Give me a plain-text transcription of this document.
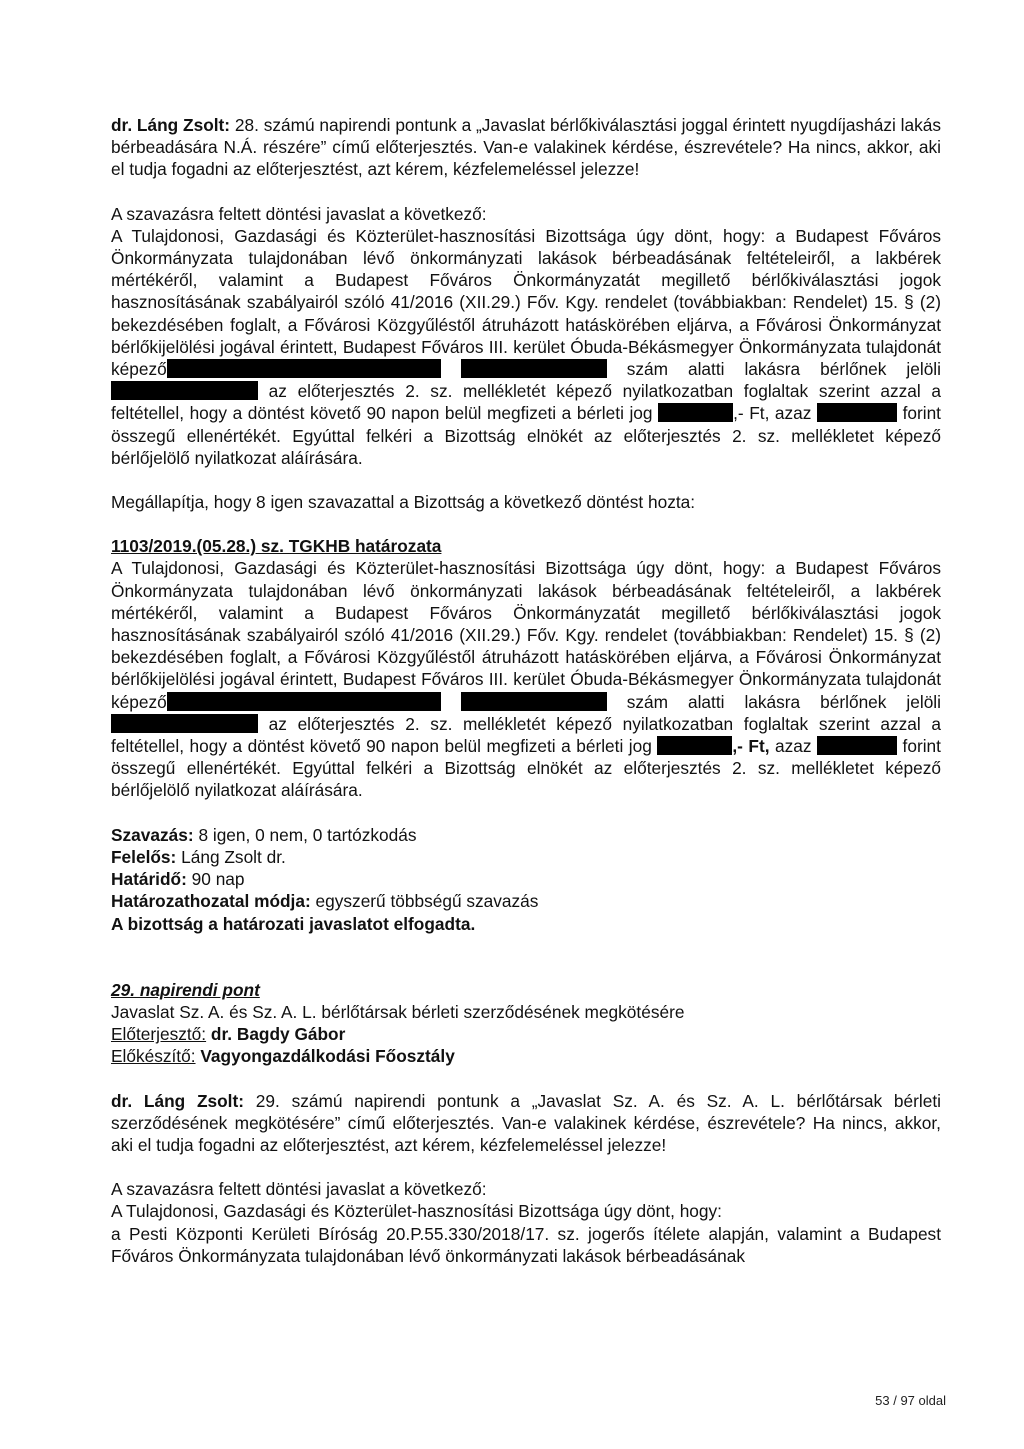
dr. Láng Zsolt: 28. számú napirendi pontunk a „Javaslat bérlőkiválasztási joggal érintett nyugdíjasházi lakás bérbeadására N.Á. részére” című előterjesztés. Van-e valakinek kérdése, észrevétele? Ha nincs, akkor, aki el tudja fogadni az előterjesztést, azt kérem, kézfelemeléssel jelezze!

A szavazásra feltett döntési javaslat a következő:

A Tulajdonosi, Gazdasági és Közterület-hasznosítási Bizottsága úgy dönt, hogy: a Budapest Főváros Önkormányzata tulajdonában lévő önkormányzati lakások bérbeadásának feltételeiről, a lakbérek mértékéről, valamint a Budapest Főváros Önkormányzatát megillető bérlőkiválasztási jogok hasznosításának szabályairól szóló 41/2016 (XII.29.) Főv. Kgy. rendelet (továbbiakban: Rendelet) 15. § (2) bekezdésében foglalt, a Fővárosi Közgyűléstől átruházott hatáskörében eljárva, a Fővárosi Önkormányzat bérlőkijelölési jogával érintett, Budapest Főváros III. kerület Óbuda-Békásmegyer Önkormányzata tulajdonát képező	szám alatti lakásra bérlőnek jelöli  az előterjesztés 2. sz. mellékletét képező nyilatkozatban foglaltak szerint azzal a feltétellel, hogy a döntést követő 90 napon belül megfizeti a bérleti jog	,- Ft, azaz	forint összegű ellenértékét. Egyúttal felkéri a Bizottság elnökét az előterjesztés 2. sz. mellékletet képező bérlőjelölő nyilatkozat aláírására.

Megállapítja, hogy 8 igen szavazattal a Bizottság a következő döntést hozta:

1103/2019.(05.28.) sz. TGKHB határozata

A Tulajdonosi, Gazdasági és Közterület-hasznosítási Bizottsága úgy dönt, hogy: a Budapest Főváros Önkormányzata tulajdonában lévő önkormányzati lakások bérbeadásának feltételeiről, a lakbérek mértékéről, valamint a Budapest Főváros Önkormányzatát megillető bérlőkiválasztási jogok hasznosításának szabályairól szóló 41/2016 (XII.29.) Főv. Kgy. rendelet (továbbiakban: Rendelet) 15. § (2) bekezdésében foglalt, a Fővárosi Közgyűléstől átruházott hatáskörében eljárva, a Fővárosi Önkormányzat bérlőkijelölési jogával érintett, Budapest Főváros III. kerület Óbuda-Békásmegyer Önkormányzata tulajdonát képező	szám alatti lakásra bérlőnek jelöli  az előterjesztés 2. sz. mellékletét képező nyilatkozatban foglaltak szerint azzal a feltétellel, hogy a döntést követő 90 napon belül megfizeti a bérleti jog	,- Ft, azaz	forint összegű ellenértékét. Egyúttal felkéri a Bizottság elnökét az előterjesztés 2. sz. mellékletet képező bérlőjelölő nyilatkozat aláírására.

Szavazás: 8 igen, 0 nem, 0 tartózkodás

Felelős: Láng Zsolt dr.

Határidő: 90 nap

Határozathozatal módja: egyszerű többségű szavazás

A bizottság a határozati javaslatot elfogadta.

29. napirendi pont

Javaslat Sz. A. és Sz. A. L. bérlőtársak bérleti szerződésének megkötésére

Előterjesztő: dr. Bagdy Gábor

Előkészítő: Vagyongazdálkodási Főosztály

dr. Láng Zsolt: 29. számú napirendi pontunk a „Javaslat Sz. A. és Sz. A. L. bérlőtársak bérleti szerződésének megkötésére” című előterjesztés. Van-e valakinek kérdése, észrevétele? Ha nincs, akkor, aki el tudja fogadni az előterjesztést, azt kérem, kézfelemeléssel jelezze!

A szavazásra feltett döntési javaslat a következő:

A Tulajdonosi, Gazdasági és Közterület-hasznosítási Bizottsága úgy dönt, hogy:

a Pesti Központi Kerületi Bíróság 20.P.55.330/2018/17. sz. jogerős ítélete alapján, valamint a Budapest Főváros Önkormányzata tulajdonában lévő önkormányzati lakások bérbeadásának

53 / 97 oldal
